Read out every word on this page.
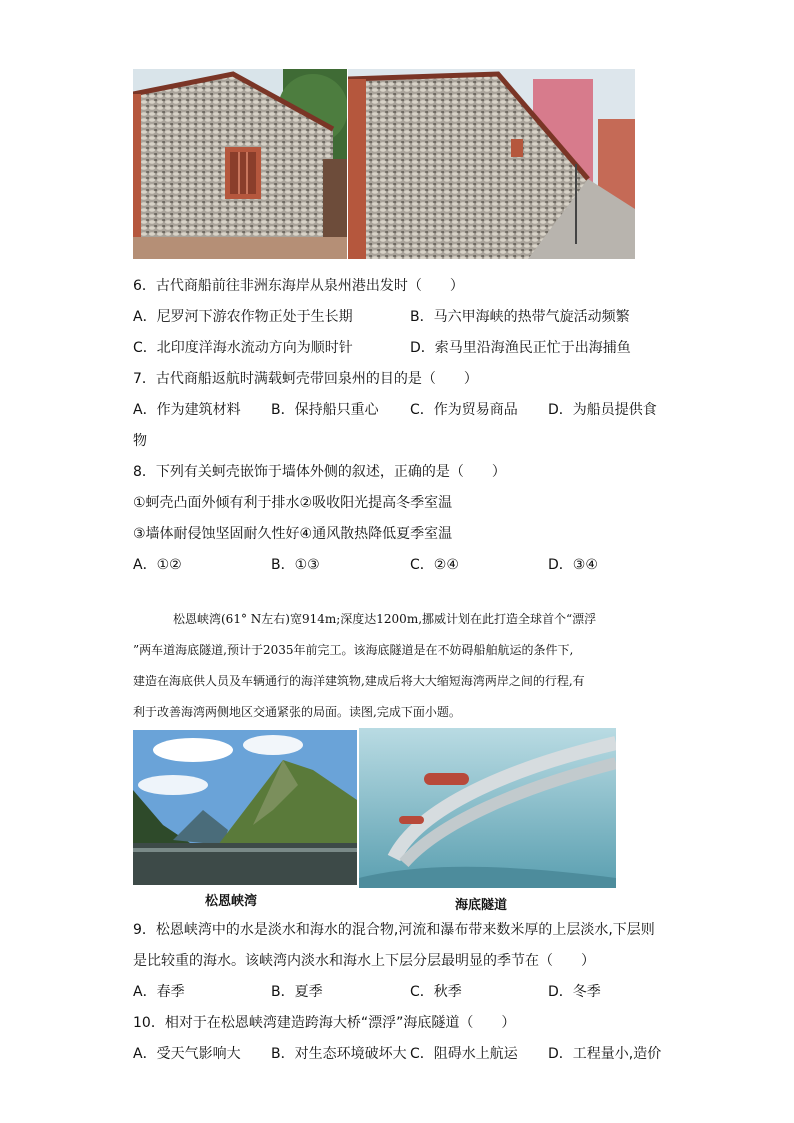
6．古代商船前往非洲东海岸从泉州港出发时（　　）
A．尼罗河下游农作物正处于生长期	B．马六甲海峡的热带气旋活动频繁
C．北印度洋海水流动方向为顺时针	D．索马里沿海渔民正忙于出海捕鱼
7．古代商船返航时满载蚵壳带回泉州的目的是（　　）
A．作为建筑材料 B．保持船只重心 C．作为贸易商品 D．为船员提供食
物
8．下列有关蚵壳嵌饰于墙体外侧的叙述，正确的是（　　）
①蚵壳凸面外倾有利于排水②吸收阳光提高冬季室温
③墙体耐侵蚀坚固耐久性好④通风散热降低夏季室温
A．①②	B．①③	C．②④	D．③④
松恩峡湾(61° N左右)宽914m;深度达1200m,挪威计划在此打造全球首个“漂浮
”两车道海底隧道,预计于2035年前完工。该海底隧道是在不妨碍船舶航运的条件下,
建造在海底供人员及车辆通行的海洋建筑物,建成后将大大缩短海湾两岸之间的行程,有
利于改善海湾两侧地区交通紧张的局面。读图,完成下面小题。
松恩峡湾	海底隧道
9．松恩峡湾中的水是淡水和海水的混合物,河流和瀑布带来数米厚的上层淡水,下层则
是比较重的海水。该峡湾内淡水和海水上下层分层最明显的季节在（　　）
A．春季	B．夏季	C．秋季	D．冬季
10．相对于在松恩峡湾建造跨海大桥“漂浮”海底隧道（　　）
A．受天气影响大 B．对生态环境破坏大 C．阻碍水上航运 D．工程量小,造价
